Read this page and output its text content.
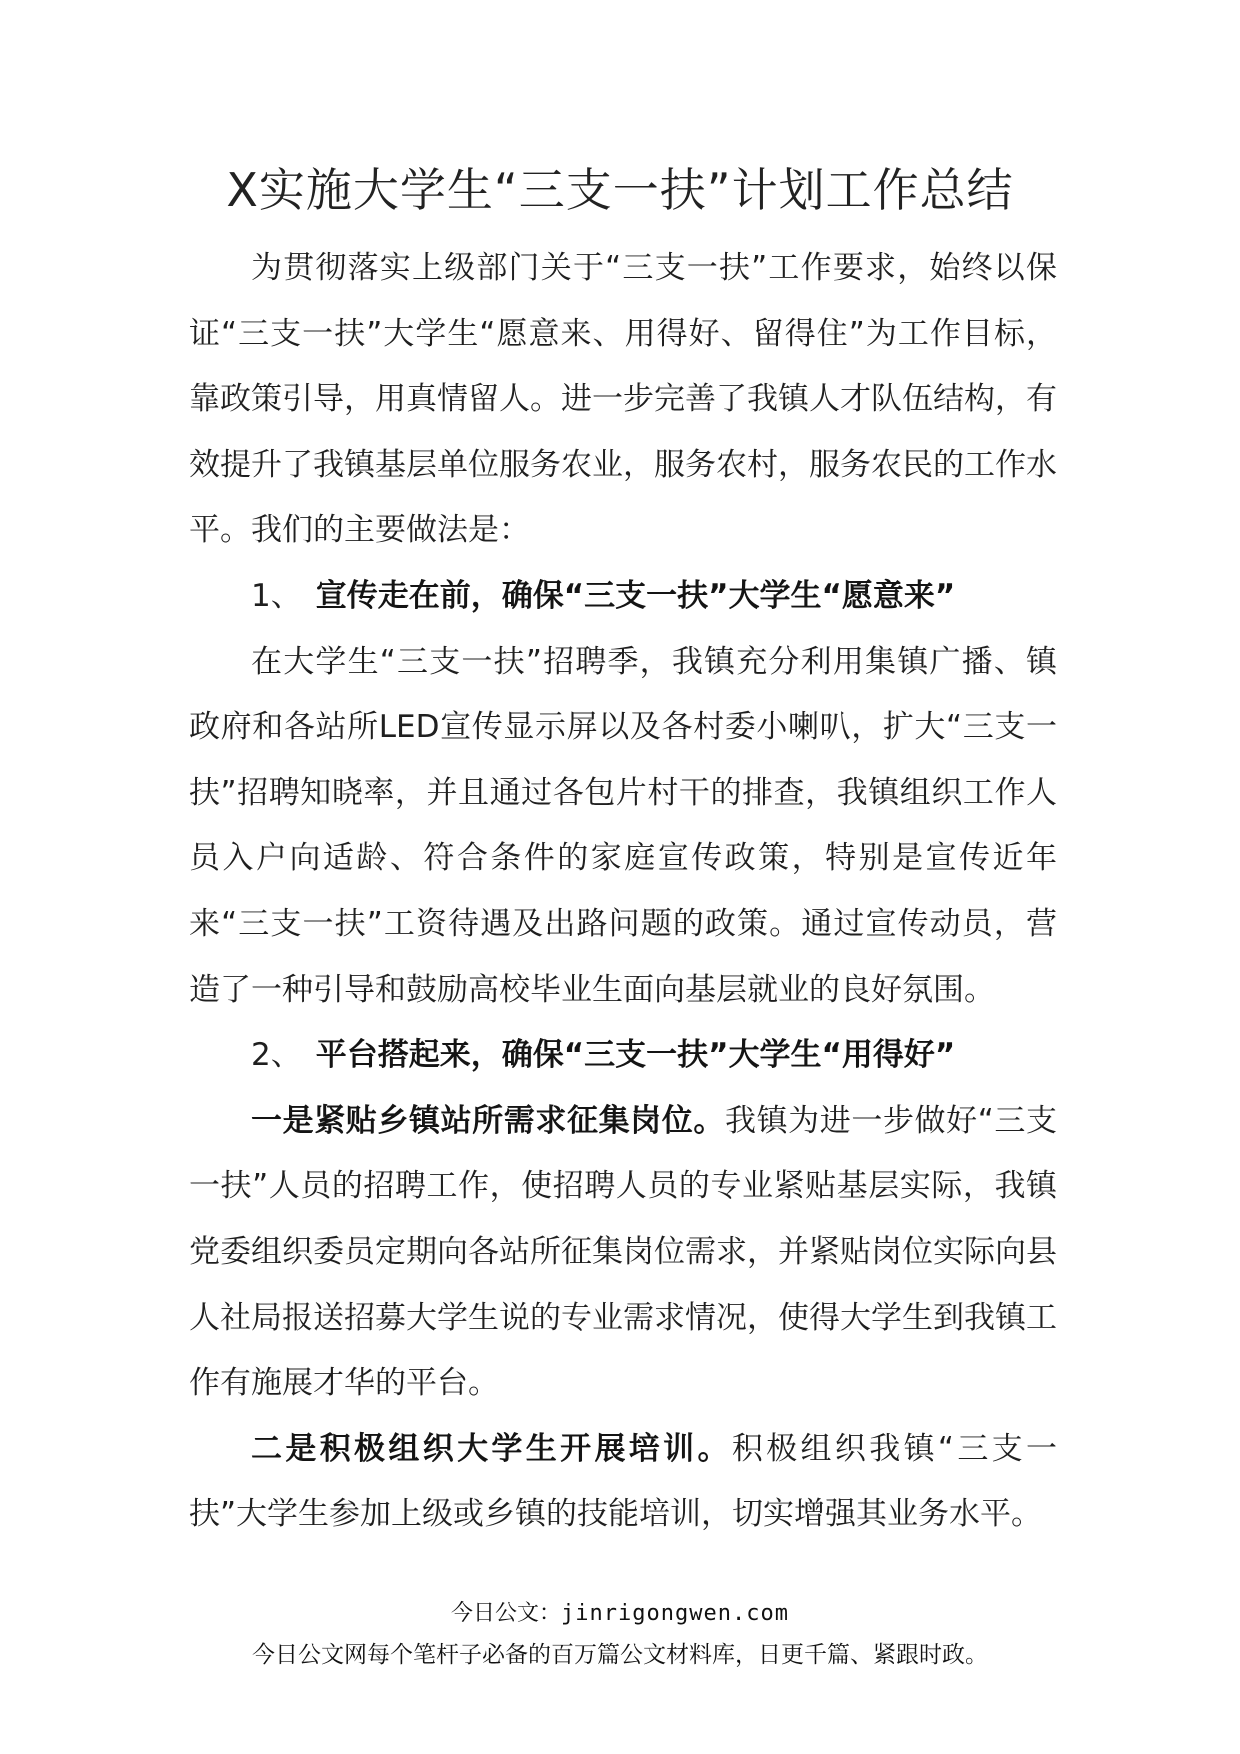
X实施大学生“三支一扶”计划工作总结

为贯彻落实上级部门关于“三支一扶”工作要求，始终以保证“三支一扶”大学生“愿意来、用得好、留得住”为工作目标，靠政策引导，用真情留人。进一步完善了我镇人才队伍结构，有效提升了我镇基层单位服务农业，服务农村，服务农民的工作水平。我们的主要做法是：

1、 宣传走在前，确保“三支一扶”大学生“愿意来”

在大学生“三支一扶”招聘季，我镇充分利用集镇广播、镇政府和各站所LED宣传显示屏以及各村委小喇叭，扩大“三支一扶”招聘知晓率，并且通过各包片村干的排查，我镇组织工作人员入户向适龄、符合条件的家庭宣传政策，特别是宣传近年来“三支一扶”工资待遇及出路问题的政策。通过宣传动员，营造了一种引导和鼓励高校毕业生面向基层就业的良好氛围。

2、 平台搭起来，确保“三支一扶”大学生“用得好”

一是紧贴乡镇站所需求征集岗位。我镇为进一步做好“三支一扶”人员的招聘工作，使招聘人员的专业紧贴基层实际，我镇党委组织委员定期向各站所征集岗位需求，并紧贴岗位实际向县人社局报送招募大学生说的专业需求情况，使得大学生到我镇工作有施展才华的平台。

二是积极组织大学生开展培训。积极组织我镇“三支一扶”大学生参加上级或乡镇的技能培训，切实增强其业务水平。

今日公文：jinrigongwen.com
今日公文网每个笔杆子必备的百万篇公文材料库，日更千篇、紧跟时政。
